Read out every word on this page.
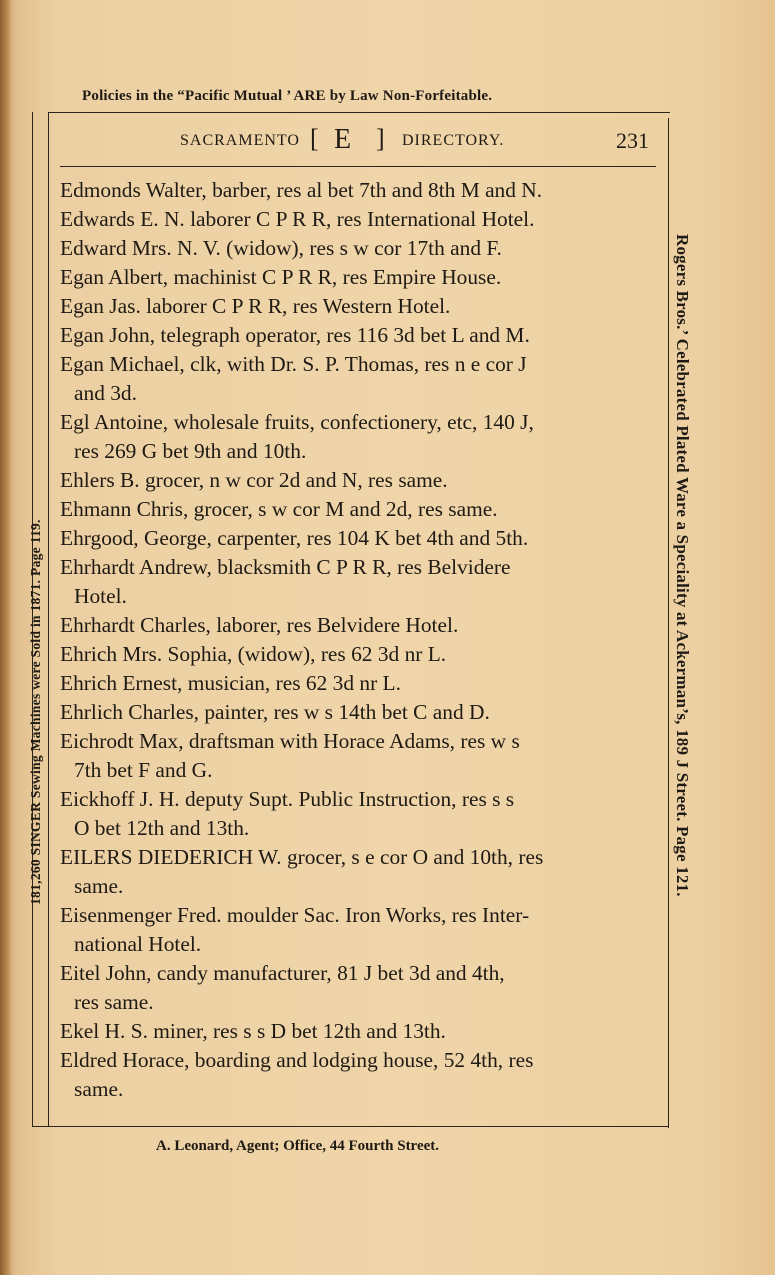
Policies in the “Pacific Mutual ’ ARE by Law Non-Forfeitable.
SACRAMENTO [ E ] DIRECTORY.	231
Edmonds Walter, barber, res al bet 7th and 8th M and N.
Edwards E. N. laborer C P R R, res International Hotel.
Edward Mrs. N. V. (widow), res s w cor 17th and F.
Egan Albert, machinist C P R R, res Empire House.
Egan Jas. laborer C P R R, res Western Hotel.
Egan John, telegraph operator, res 116 3d bet L and M.
Egan Michael, clk, with Dr. S. P. Thomas, res n e cor J
and 3d.
Egl Antoine, wholesale fruits, confectionery, etc, 140 J,
res 269 G bet 9th and 10th.
Ehlers B. grocer, n w cor 2d and N, res same.
Ehmann Chris, grocer, s w cor M and 2d, res same.
Ehrgood, George, carpenter, res 104 K bet 4th and 5th.
Ehrhardt Andrew, blacksmith C P R R, res Belvidere
Hotel.
Ehrhardt Charles, laborer, res Belvidere Hotel.
Ehrich Mrs. Sophia, (widow), res 62 3d nr L.
Ehrich Ernest, musician, res 62 3d nr L.
Ehrlich Charles, painter, res w s 14th bet C and D.
Eichrodt Max, draftsman with Horace Adams, res w s
7th bet F and G.
Eickhoff J. H. deputy Supt. Public Instruction, res s s
O bet 12th and 13th.
EILERS DIEDERICH W. grocer, s e cor O and 10th, res
same.
Eisenmenger Fred. moulder Sac. Iron Works, res Inter-
national Hotel.
Eitel John, candy manufacturer, 81 J bet 3d and 4th,
res same.
Ekel H. S. miner, res s s D bet 12th and 13th.
Eldred Horace, boarding and lodging house, 52 4th, res
same.
181,260 SINGER Sewing Machines were Sold in 1871. Page 119.	Rogers Bros.’ Celebrated Plated Ware a Speciality at Ackerman’s, 189 J Street. Page 121.
A. Leonard, Agent; Office, 44 Fourth Street.
